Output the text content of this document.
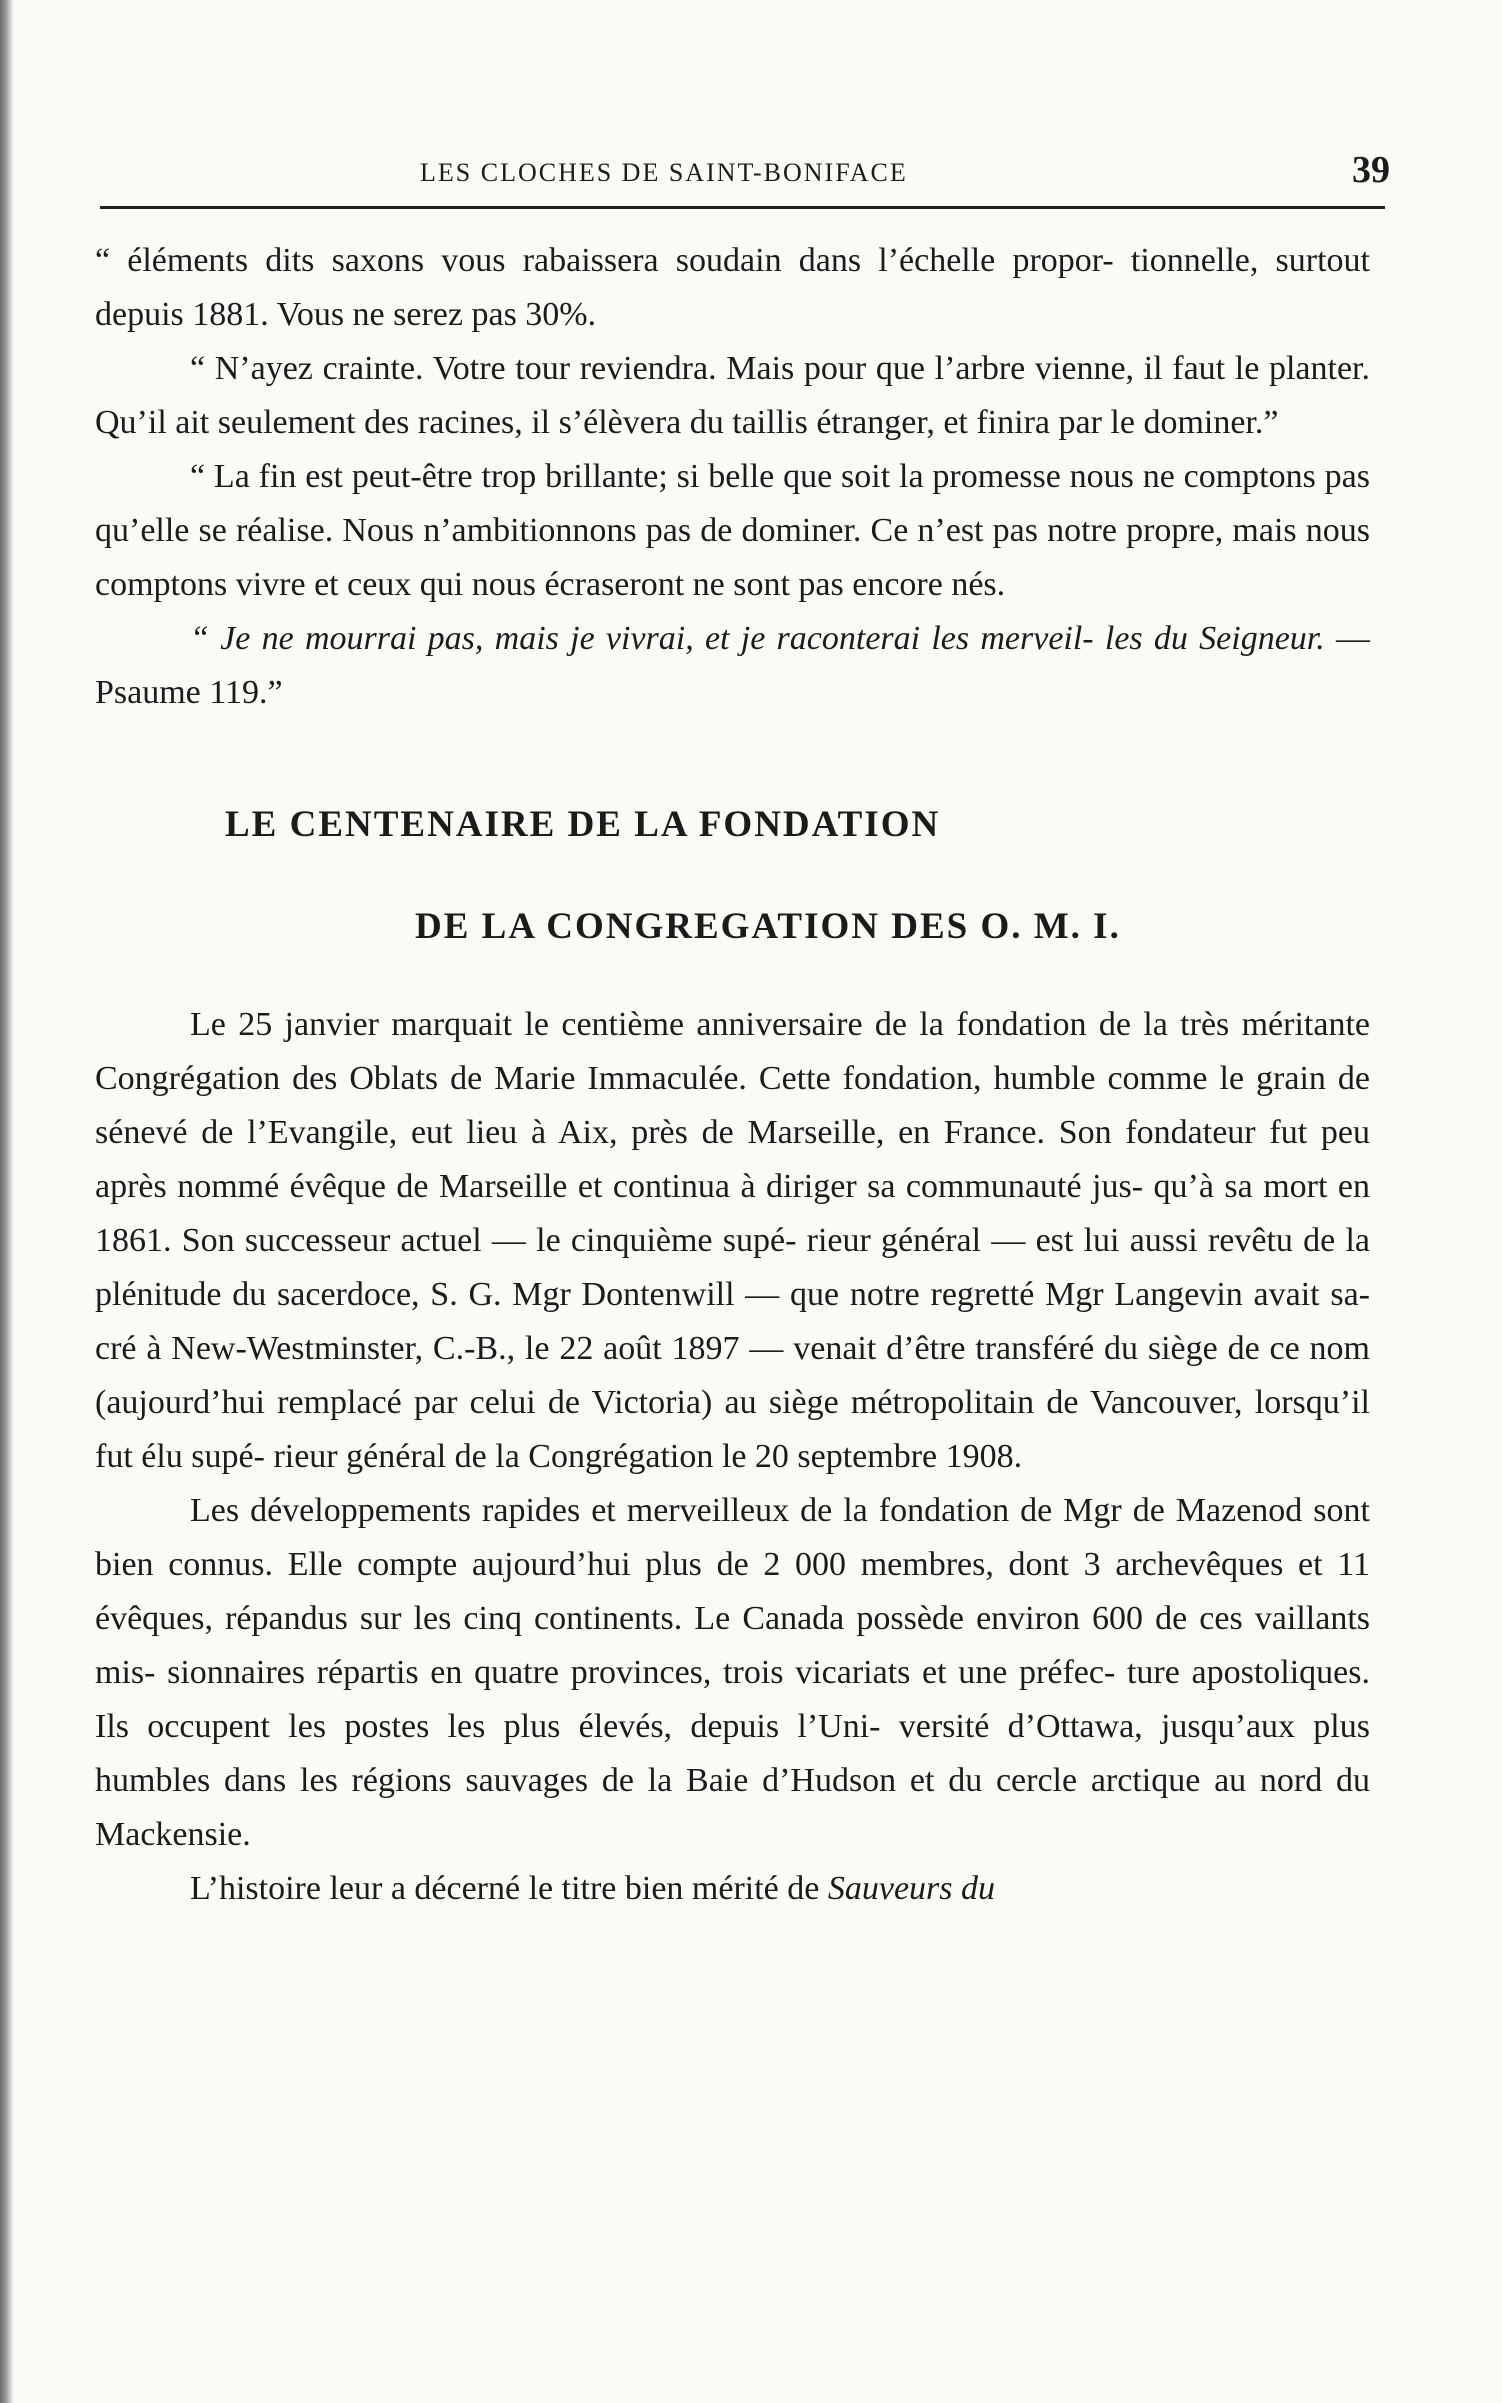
LES CLOCHES DE SAINT-BONIFACE	39

“ éléments dits saxons vous rabaissera soudain dans l’échelle propor- tionnelle, surtout depuis 1881. Vous ne serez pas 30%.

“ N’ayez crainte. Votre tour reviendra. Mais pour que l’arbre vienne, il faut le planter. Qu’il ait seulement des racines, il s’élèvera du taillis étranger, et finira par le dominer.”

“ La fin est peut-être trop brillante; si belle que soit la promesse nous ne comptons pas qu’elle se réalise. Nous n’ambitionnons pas de dominer. Ce n’est pas notre propre, mais nous comptons vivre et ceux qui nous écraseront ne sont pas encore nés.

“ Je ne mourrai pas, mais je vivrai, et je raconterai les merveil- les du Seigneur. — Psaume 119.”

LE CENTENAIRE DE LA FONDATION
DE LA CONGREGATION DES O. M. I.

Le 25 janvier marquait le centième anniversaire de la fondation de la très méritante Congrégation des Oblats de Marie Immaculée. Cette fondation, humble comme le grain de sénevé de l’Evangile, eut lieu à Aix, près de Marseille, en France. Son fondateur fut peu après nommé évêque de Marseille et continua à diriger sa communauté jus- qu’à sa mort en 1861. Son successeur actuel — le cinquième supé- rieur général — est lui aussi revêtu de la plénitude du sacerdoce, S. G. Mgr Dontenwill — que notre regretté Mgr Langevin avait sa- cré à New-Westminster, C.-B., le 22 août 1897 — venait d’être transféré du siège de ce nom (aujourd’hui remplacé par celui de Victoria) au siège métropolitain de Vancouver, lorsqu’il fut élu supé- rieur général de la Congrégation le 20 septembre 1908.

Les développements rapides et merveilleux de la fondation de Mgr de Mazenod sont bien connus. Elle compte aujourd’hui plus de 2 000 membres, dont 3 archevêques et 11 évêques, répandus sur les cinq continents. Le Canada possède environ 600 de ces vaillants mis- sionnaires répartis en quatre provinces, trois vicariats et une préfec- ture apostoliques. Ils occupent les postes les plus élevés, depuis l’Uni- versité d’Ottawa, jusqu’aux plus humbles dans les régions sauvages de la Baie d’Hudson et du cercle arctique au nord du Mackensie.

L’histoire leur a décerné le titre bien mérité de Sauveurs du
